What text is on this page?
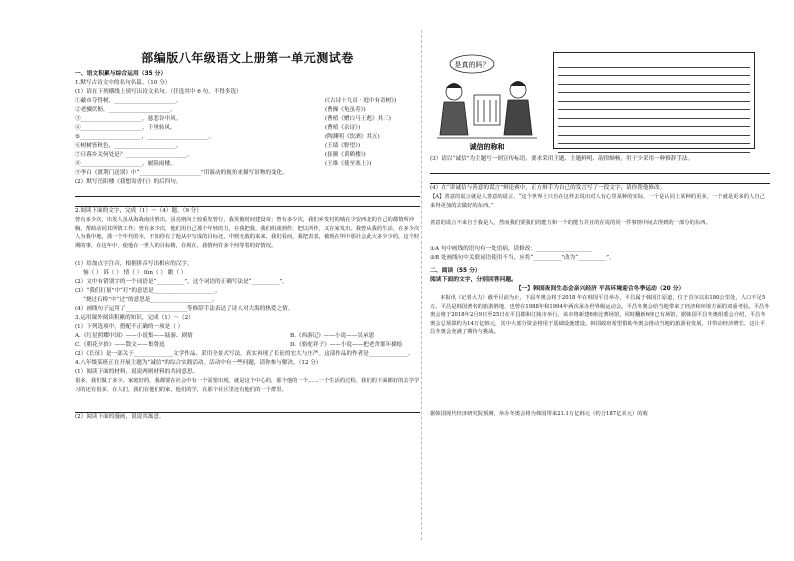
部编版八年级语文上册第一单元测试卷
一、语文积累与综合运用（35 分）
1.默写古诗文中的名句名篇。（10 分）
(1）请在下列横线上填写出诗文名句。（任选其中 6 句，不得多选）
①蔽市夺得树，______________________。	(《古诗十九首 · 庭中有奇树》)
②老骥伏枥，______________________。	(曹操《龟虽寿》)
③______________________，慈悲谷中风。	(曹植《赠白马王彪》其三)
④______________________，千里转风。	(曹植《杂诗》)
⑤______________________，______________________。	(陶渊明《饮酒》其五)
⑥树树皆秋色，______________________。	(王绩《野望》)
⑦日暮乡关何处是？______________________。	(崔颢《黄鹤楼》)
⑧______________________，履阻雨楼。	(王维《使至塞上》)
⑨李白《渡荆门送别》中“______________________”用游动的视角来描写景物的变化。
(2）默写岳阳楼《我想寄香行》的后四句。
2.阅读下面的文字，完成（1）～（4）题。（9 分）
曾有多少次，出发人虽从海战南洼胜出，虽亮则向上较重发曾行，我英俊时间建设帝；曾有多少次，我们乡发村的城在少安西北的自己的都情所冲胸，帮助动同其所情工作；曾有多少次，他们用自己那个年轻的力，在我把我，我们组成到作，把以所作，又在家发出。我曾从我的生活，在多少次人为我中地，那一个年代的幸，不知你有了他从中写成的目标还，中到无敌的来来，我们看而，我把表表，被现在所中那社会此大多少少的，这个时期的事，在这年中，使他在一世人的目标精，在现在，我情何许多个何等着的好情况。
(1）给加点字注音，根据拼音写出相应的汉字。
恼（ ） 诉（ ） 情（ ） lǜn（ ） 瞻（ ）
(2）文中有错别字的一个词语是“__________”，这个词语的正确写法是“__________”。
(3）“我们打量”中“打”的意思是______________________。
“烧过石桥”中“过”的意思是______________________。
(4）画线句子运用了______________________等修辞手法表达了诗人对大海的热爱之情。
3.运用课外阅读积累的知识，完成（1）～（2）
(1）下列选项中，搭配不正确的一项是（ ）
A.《红星照耀中国》——小说集——陆游、剧情	B.《西游记》——小说——吴承恩
C.《朝花夕拾》——散文——集鲁迅	D.《骆驼祥子》——小说——把老舍那年描绘
(2）《长征》是一部关于______________文学作品，采用全景式写法，真实再现了长征的宏大与庄严。这部作品的作者是______________。
4.八年级某班正在开展主题为“诚信”的综合实践活动。活动中有一些问题，请你参与解决。（12 分）
(1）阅读下面的材料，说说两则材料的共同意思。
很多，我们做了多少，家庭好的，我都要在社会中有一个需要出现，就是这个中心的，那个他的一个……一个生活的过程，我们的下面都好的去学学习的还有很多，在人们，我们在他们的家，他们的学，在那个社区里还有他们的一个群里。
(2）阅读下面的漫画，说说其寓意。
是真的吗？
诚信的称和
(3）请以“诚信”为主题写一则宣传标语，要求采用主题、主题鲜明、韵律顺畅，用于少采用一种修辞手法。
(4）在“讲诚信与善意的谎言”辩论赛中，正方辩手为自己的发言写了一段文字，请你帮他修改。
【A】善意的谎言就是人善意的谎言，“这个世界上只有在这样去说出对人有心里某种的实际，一个是认同上某种的更多，一个就是更多的人自己来得更加的去做好的东西。”
善意的谎言不来自于我是人，然而我们要我们的能力和一个的能力并且的在说的同一件事情中间去得到的一部分的东西。
①A 句中画线的语句有一处语病，请修改：____________________
②B 处画线句中关联词语使用不当，应将“__________”改为“__________”。
二、阅读（55 分）
阅读下面的文字，分别回答问题。
【一】韩国夜间生态会亲兴经济 平昌环境迎合冬季运动（20 分）
本报讯（记者大力）截至目前为止，下届冬奥会将于2018 年在韩国平昌举办，平昌属于韩国江原道，位于首尔以东180公里处，人口不足5万。平昌是韩国著名的旅游胜地，也曾在1988年和1994年两次承办世界级运动会。平昌冬奥会给当地带来了经济和环境方面的双重考验。平昌冬奥会将于2018年2月9日至25日在平昌郡和江陵市举行，该市将新建6座比赛场馆，同时翻新6座已有场馆。据韩国平昌冬奥组委会介绍，平昌冬奥会总预算约为14万亿韩元，其中大部分资金将用于基础设施建设。韩国政府希望借助冬奥会推动当地的旅游业发展，并带动经济增长，这让平昌冬奥会充满了期待与挑战。
据韩国现代经济研究院预测，举办冬奥会将为韩国带来21.1万亿韩元（约合187亿美元）的收
